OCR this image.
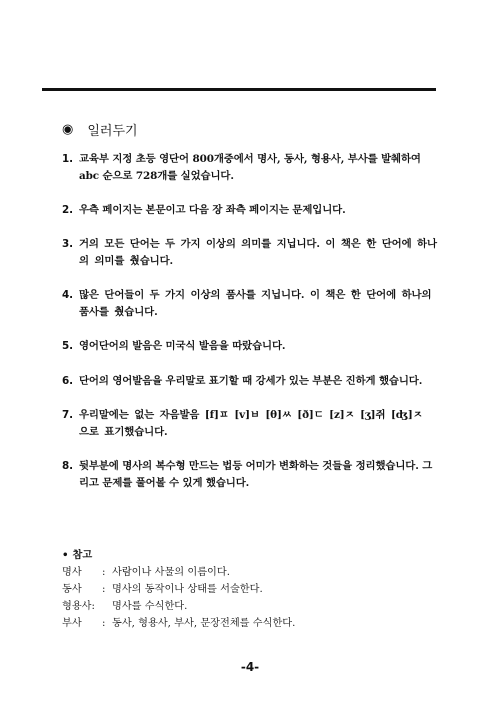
◉ 일러두기
1. 교육부 지정 초등 영단어 800개중에서 명사, 동사, 형용사, 부사를 발췌하여 abc 순으로 728개를 실었습니다.
2. 우측 페이지는 본문이고 다음 장 좌측 페이지는 문제입니다.
3. 거의 모든 단어는 두 가지 이상의 의미를 지닙니다. 이 책은 한 단어에 하나의 의미를 췄습니다.
4. 많은 단어들이 두 가지 이상의 품사를 지닙니다. 이 책은 한 단어에 하나의 품사를 췄습니다.
5. 영어단어의 발음은 미국식 발음을 따랐습니다.
6. 단어의 영어발음을 우리말로 표기할 때 강세가 있는 부분은 진하게 했습니다.
7. 우리말에는 없는 자음발음 [f]ㅍ [v]ㅂ [θ]ㅆ [ð]ㄷ [z]ㅈ [ʒ]쥐 [ʤ]ㅈ 으로 표기했습니다.
8. 뒷부분에 명사의 복수형 만드는 법등 어미가 변화하는 것들을 정리했습니다. 그리고 문제를 풀어볼 수 있게 했습니다.
• 참고
명사	: 사람이나 사물의 이름이다.
동사	: 명사의 동작이나 상태를 서술한다.
형용사:	명사를 수식한다.
부사	: 동사, 형용사, 부사, 문장전체를 수식한다.
-4-
